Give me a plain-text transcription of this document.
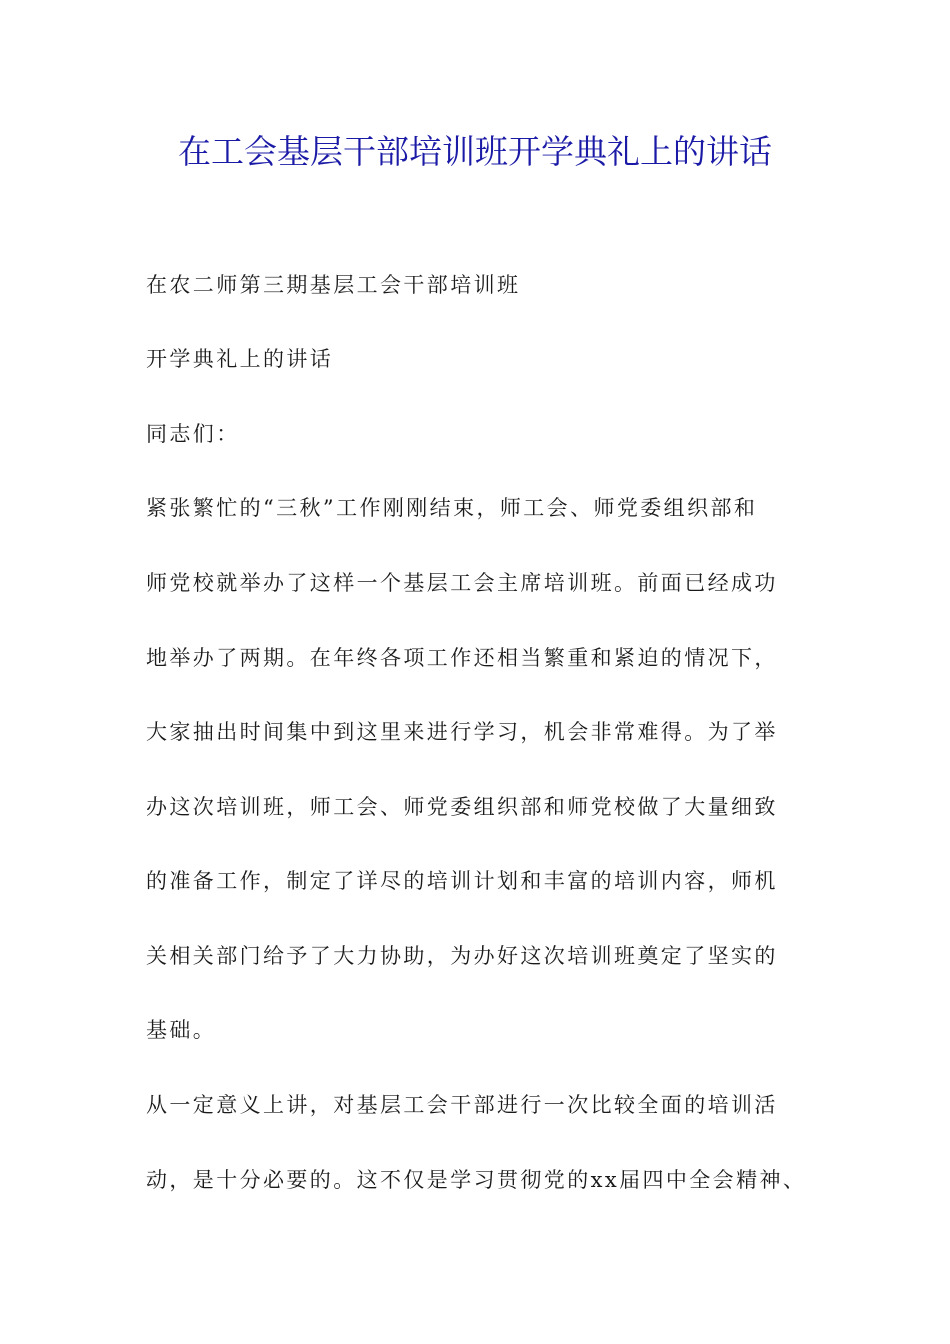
在工会基层干部培训班开学典礼上的讲话

在农二师第三期基层工会干部培训班

开学典礼上的讲话

同志们：

紧张繁忙的“三秋”工作刚刚结束，师工会、师党委组织部和

师党校就举办了这样一个基层工会主席培训班。前面已经成功

地举办了两期。在年终各项工作还相当繁重和紧迫的情况下，

大家抽出时间集中到这里来进行学习，机会非常难得。为了举

办这次培训班，师工会、师党委组织部和师党校做了大量细致

的准备工作，制定了详尽的培训计划和丰富的培训内容，师机

关相关部门给予了大力协助，为办好这次培训班奠定了坚实的

基础。

从一定意义上讲，对基层工会干部进行一次比较全面的培训活

动，是十分必要的。这不仅是学习贯彻党的xx届四中全会精神、
